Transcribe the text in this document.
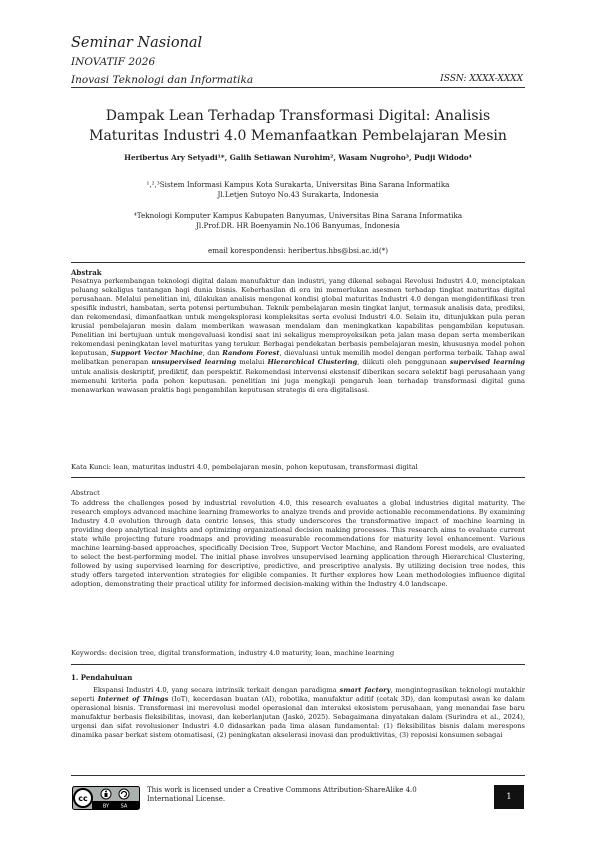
Seminar Nasional
INOVATIF 2026
Inovasi Teknologi dan Informatika	ISSN: XXXX-XXXX
Dampak Lean Terhadap Transformasi Digital: Analisis
Maturitas Industri 4.0 Memanfaatkan Pembelajaran Mesin
Heribertus Ary Setyadi¹*, Galih Setiawan Nurohim², Wasam Nugroho³, Pudji Widodo⁴
¹,²,³Sistem Informasi Kampus Kota Surakarta, Universitas Bina Sarana Informatika
Jl.Letjen Sutoyo No.43 Surakarta, Indonesia
⁴Teknologi Komputer Kampus Kabupaten Banyumas, Universitas Bina Sarana Informatika
Jl.Prof.DR. HR Boenyamin No.106 Banyumas, Indonesia
email korespondensi: heribertus.hbs@bsi.ac.id(*)

Abstrak

Pesatnya perkembangan teknologi digital dalam manufaktur dan industri, yang dikenal sebagai Revolusi Industri 4.0, menciptakan peluang sekaligus tantangan bagi dunia bisnis. Keberhasilan di era ini memerlukan asesmen terhadap tingkat maturitas digital perusahaan. Melalui penelitian ini, dilakukan analisis mengenai kondisi global maturitas Industri 4.0 dengan mengidentifikasi tren spesifik industri, hambatan, serta potensi pertumbuhan. Teknik pembelajaran mesin tingkat lanjut, termasuk analisis data, prediksi, dan rekomendasi, dimanfaatkan untuk mengeksplorasi kompleksitas serta evolusi Industri 4.0. Selain itu, ditunjukkan pula peran krusial pembelajaran mesin dalam memberikan wawasan mendalam dan meningkatkan kapabilitas pengambilan keputusan. Penelitian ini bertujuan untuk mengevaluasi kondisi saat ini sekaligus memproyeksikan peta jalan masa depan serta memberikan rekomendasi peningkatan level maturitas yang terukur. Berbagai pendekatan berbasis pembelajaran mesin, khususnya model pohon keputusan, Support Vector Machine, dan Random Forest, dievaluasi untuk memilih model dengan performa terbaik. Tahap awal melibatkan penerapan unsupervised learning melalui Hierarchical Clustering, diikuti oleh penggunaan supervised learning untuk analisis deskriptif, prediktif, dan perspektif. Rekomendasi intervensi ekstensif diberikan secara selektif bagi perusahaan yang memenuhi kriteria pada pohon keputusan. penelitian ini juga mengkaji pengaruh lean terhadap transformasi digital guna menawarkan wawasan praktis bagi pengambilan keputusan strategis di era digitalisasi.

Kata Kunci: lean, maturitas industri 4.0, pembelajaran mesin, pohon keputusan, transformasi digital

Abstract

To address the challenges posed by industrial revolution 4.0, this research evaluates a global industries digital maturity. The research employs advanced machine learning frameworks to analyze trends and provide actionable recommendations. By examining Industry 4.0 evolution through data centric lenses, this study underscores the transformative impact of machine learning in providing deep analytical insights and optimizing organizational decision making processes. This research aims to evaluate current state while projecting future roadmaps and providing measurable recommendations for maturity level enhancement. Various machine learning-based approaches, specifically Decision Tree, Support Vector Machine, and Random Forest models, are evaluated to select the best-performing model. The initial phase involves unsupervised learning application through Hierarchical Clustering, followed by using supervised learning for descriptive, predictive, and prescriptive analysis. By utilizing decision tree nodes, this study offers targeted intervention strategies for eligible companies. It further explores how Lean methodologies influence digital adoption, demonstrating their practical utility for informed decision-making within the Industry 4.0 landscape.

Keywords: decision tree, digital transformation, industry 4.0 maturity, lean, machine learning

1. Pendahuluan

Ekspansi Industri 4.0, yang secara intrinsik terkait dengan paradigma smart factory, mengintegrasikan teknologi mutakhir seperti Internet of Things (IoT), kecerdasan buatan (AI), robotika, manufaktur aditif (cetak 3D), dan komputasi awan ke dalam operasional bisnis. Transformasi ini merevolusi model operasional dan interaksi ekosistem perusahaan, yang menandai fase baru manufaktur berbasis fleksibilitas, inovasi, dan keberlanjutan (Jaskó, 2025). Sebagaimana dinyatakan dalam (Surindra et al., 2024), urgensi dan sifat revolusioner Industri 4.0 didasarkan pada lima alasan fundamental: (1) fleksibilitas bisnis dalam merespons dinamika pasar berkat sistem otomatisasi, (2) peningkatan akselerasi inovasi dan produktivitas, (3) reposisi konsumen sebagai

cc
BY SA
This work is licensed under a Creative Commons Attribution-ShareAlike 4.0
International License.	1
